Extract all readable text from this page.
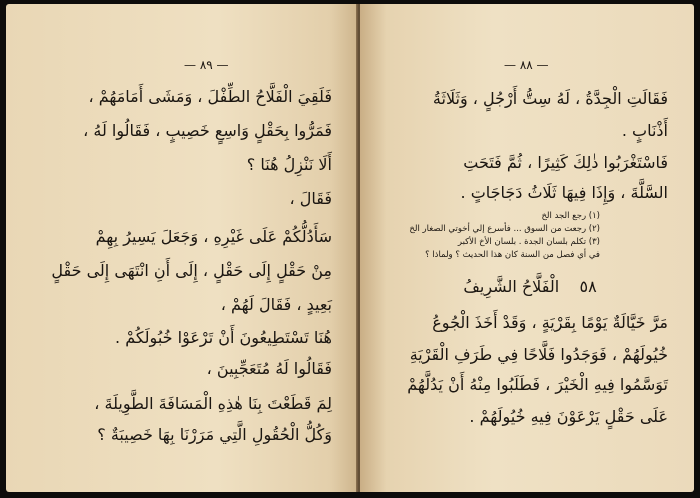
— ٨٩ —
فَلَقِيَ الْفَلَّاحُ الطِّفْلَ ، وَمَشَى أَمَامَهُمْ ،
فَمَرُّوا بِحَقْلٍ وَاسِعٍ خَصِيبٍ ، فَقَالُوا لَهُ ،
أَلَا نَنْزِلُ هُنَا ؟
فَقَالَ ،
سَأَدُلُّكُمْ عَلَى غَيْرِهِ ، وَجَعَلَ يَسِيرُ بِهِمْ
مِنْ حَقْلٍ إِلَى حَقْلٍ ، إِلَى أَنِ انْتَهَى إِلَى حَقْلٍ
بَعِيدٍ ، فَقَالَ لَهُمْ ،
هُنَا تَسْتَطِيعُونَ أَنْ تَرْعَوْا خُبُولَكُمْ .
فَقَالُوا لَهُ مُتَعَجِّبِينَ ،
لِمَ قَطَعْتَ بِنَا هٰذِهِ الْمَسَافَةَ الطَّوِيلَةَ ،
وَكُلُّ الْحُقُولِ الَّتِي مَرَرْنَا بِهَا خَصِيبَةٌ ؟
— ٨٨ —
فَقَالَتِ الْجِدَّةُ ، لَهُ سِتُّ أَرْجُلٍ ، وَثَلَاثَةُ
أَذْنَابٍ .
فَاسْتَغْرَبُوا ذٰلِكَ كَثِيرًا ، ثُمَّ فَتَحَتِ
السَّلَّةَ ، وَإِذَا فِيهَا ثَلَاثُ دَجَاجَاتٍ .
(١) رجع الجد الخ
(٢) رجعت من السوق ... فأسرع إلي أخوتي الصغار الخ
(٣) تكلم بلسان الجدة . بلسان الأخ الأكبر
في أي فصل من السنة كان هذا الحديث ؟ ولماذا ؟
٥٨    الْفَلَّاحُ الشَّرِيفُ
مَرَّ خَيَّالَةٌ يَوْمًا بِقَرْيَةٍ ، وَقَدْ أَخَذَ الْجُوعُ
خُيُولَهُمْ ، فَوَجَدُوا فَلَّاحًا فِي طَرَفِ الْقَرْيَةِ
تَوَسَّمُوا فِيهِ الْخَيْرَ ، فَطَلَبُوا مِنْهُ أَنْ يَدُلَّهُمْ
عَلَى حَقْلٍ يَرْعَوْنَ فِيهِ خُيُولَهُمْ .
